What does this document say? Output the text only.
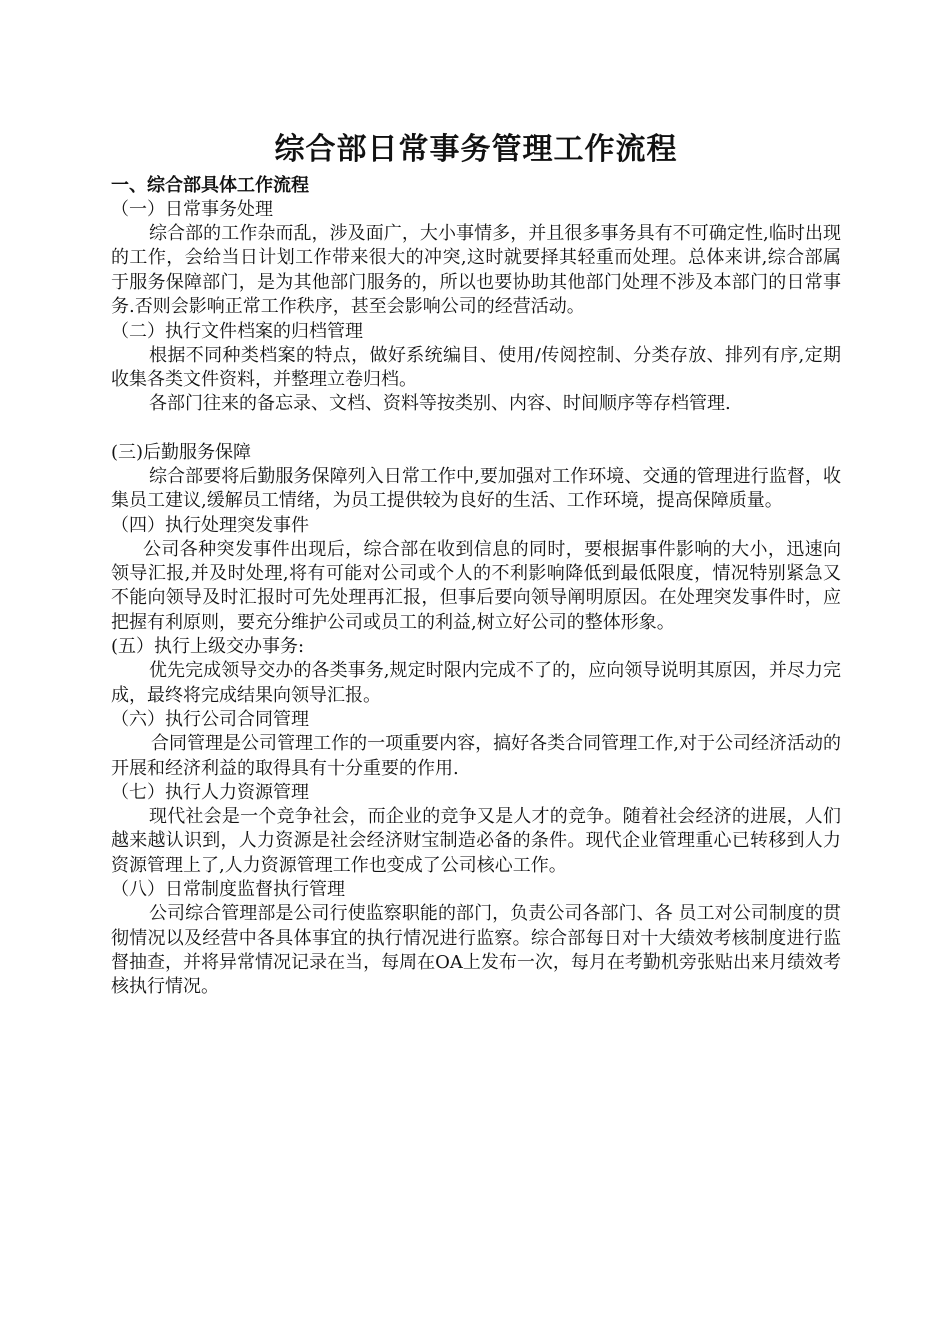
综合部日常事务管理工作流程
一、综合部具体工作流程
（一）日常事务处理
综合部的工作杂而乱，涉及面广，大小事情多，并且很多事务具有不可确定性,临时出现的工作，会给当日计划工作带来很大的冲突,这时就要择其轻重而处理。总体来讲,综合部属于服务保障部门，是为其他部门服务的，所以也要协助其他部门处理不涉及本部门的日常事务.否则会影响正常工作秩序，甚至会影响公司的经营活动。
（二）执行文件档案的归档管理
根据不同种类档案的特点，做好系统编目、使用/传阅控制、分类存放、排列有序,定期收集各类文件资料，并整理立卷归档。
各部门往来的备忘录、文档、资料等按类别、内容、时间顺序等存档管理.
(三)后勤服务保障
综合部要将后勤服务保障列入日常工作中,要加强对工作环境、交通的管理进行监督，收集员工建议,缓解员工情绪，为员工提供较为良好的生活、工作环境，提高保障质量。
（四）执行处理突发事件
公司各种突发事件出现后，综合部在收到信息的同时，要根据事件影响的大小，迅速向领导汇报,并及时处理,将有可能对公司或个人的不利影响降低到最低限度，情况特别紧急又不能向领导及时汇报时可先处理再汇报，但事后要向领导阐明原因。在处理突发事件时，应把握有利原则，要充分维护公司或员工的利益,树立好公司的整体形象。
(五）执行上级交办事务:
优先完成领导交办的各类事务,规定时限内完成不了的，应向领导说明其原因，并尽力完成，最终将完成结果向领导汇报。
（六）执行公司合同管理
合同管理是公司管理工作的一项重要内容，搞好各类合同管理工作,对于公司经济活动的开展和经济利益的取得具有十分重要的作用.
（七）执行人力资源管理
现代社会是一个竞争社会，而企业的竞争又是人才的竞争。随着社会经济的进展，人们越来越认识到，人力资源是社会经济财宝制造必备的条件。现代企业管理重心已转移到人力资源管理上了,人力资源管理工作也变成了公司核心工作。
（八）日常制度监督执行管理
公司综合管理部是公司行使监察职能的部门，负责公司各部门、各 员工对公司制度的贯彻情况以及经营中各具体事宜的执行情况进行监察。综合部每日对十大绩效考核制度进行监督抽查，并将异常情况记录在当，每周在OA上发布一次，每月在考勤机旁张贴出来月绩效考核执行情况。
